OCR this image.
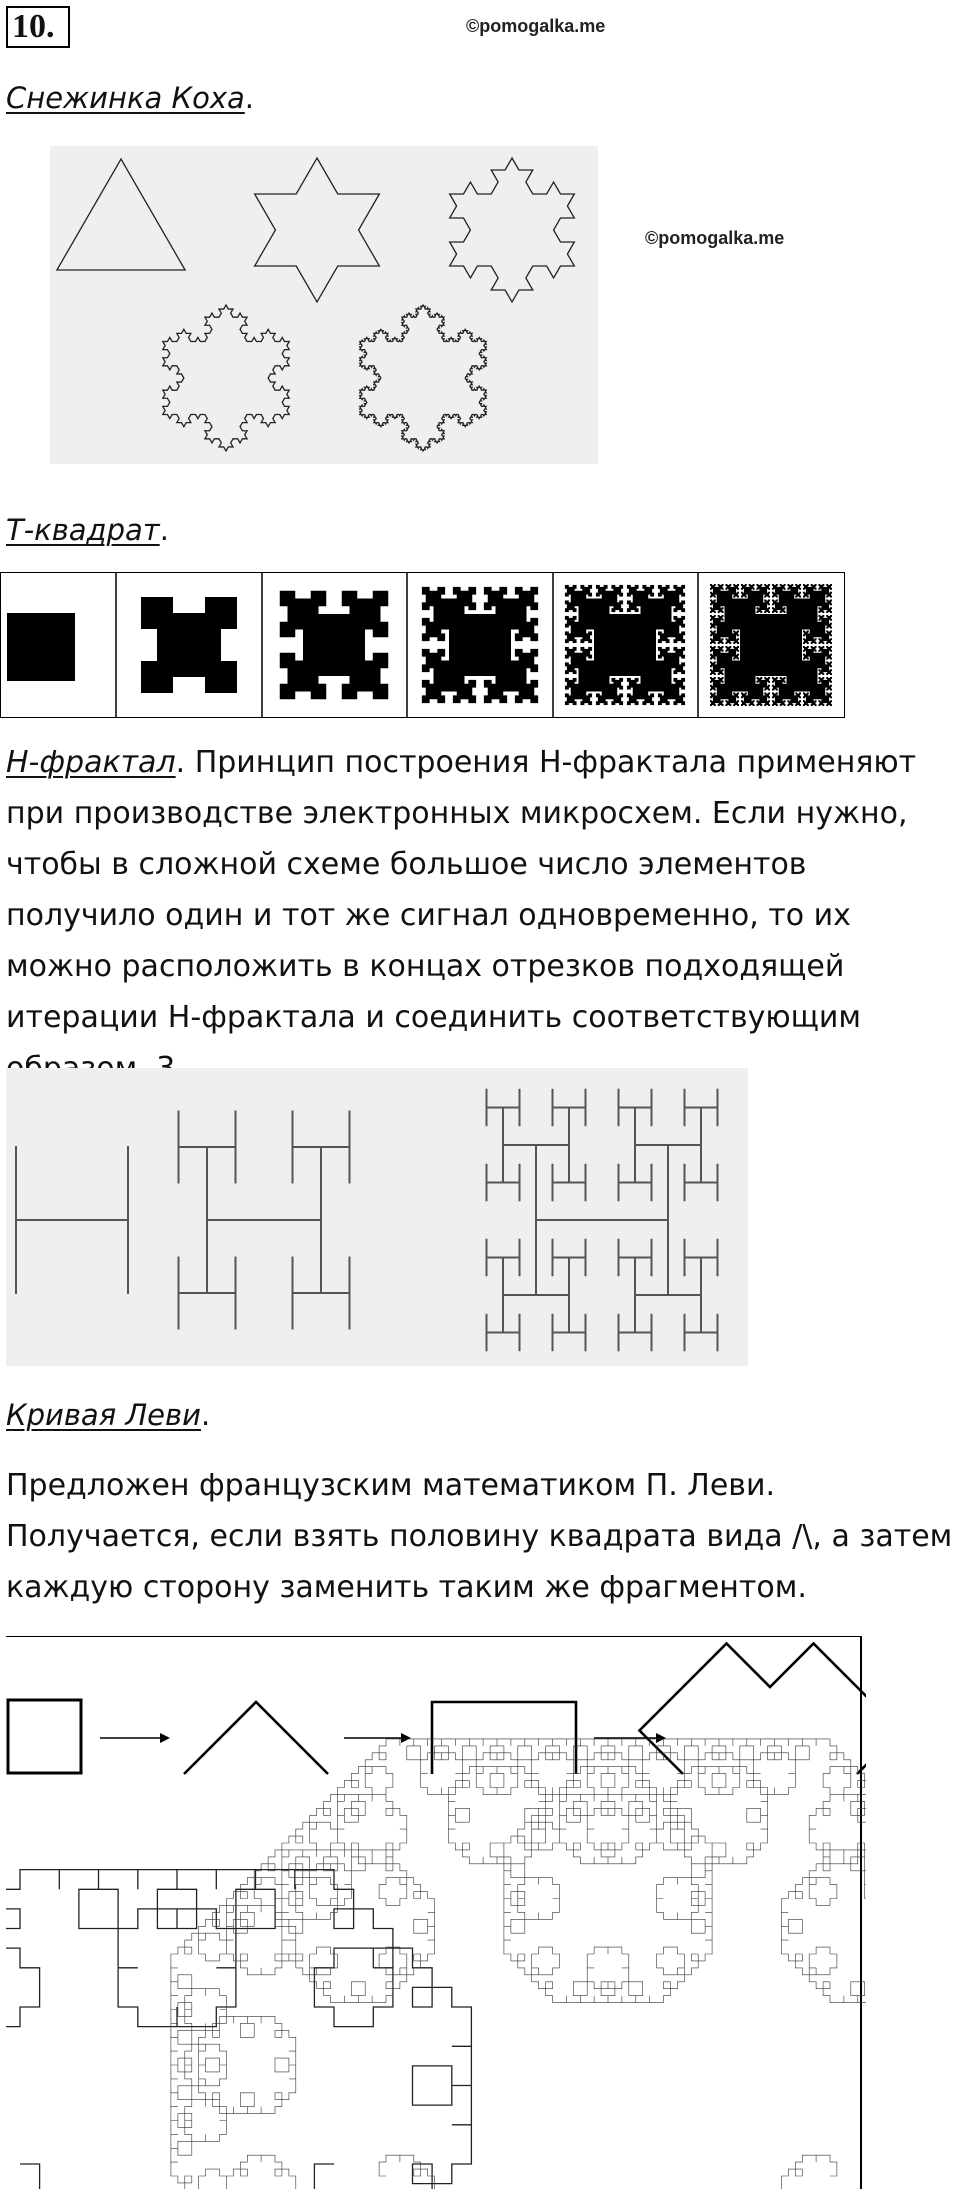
10.	©pomogalka.me
Снежинка Коха.
©pomogalka.me
Т-квадрат.
Н-фрактал. Принцип построения Н-фрактала применяют при производстве электронных микросхем. Если нужно, чтобы в сложной схеме большое число элементов получило один и тот же сигнал одновременно, то их можно расположить в концах отрезков подходящей итерации Н-фрактала и соединить соответствующим
Кривая Леви.
Предложен французским математиком П. Леви. Получается, если взять половину квадрата вида /\, а затем каждую сторону заменить таким же фрагментом.
